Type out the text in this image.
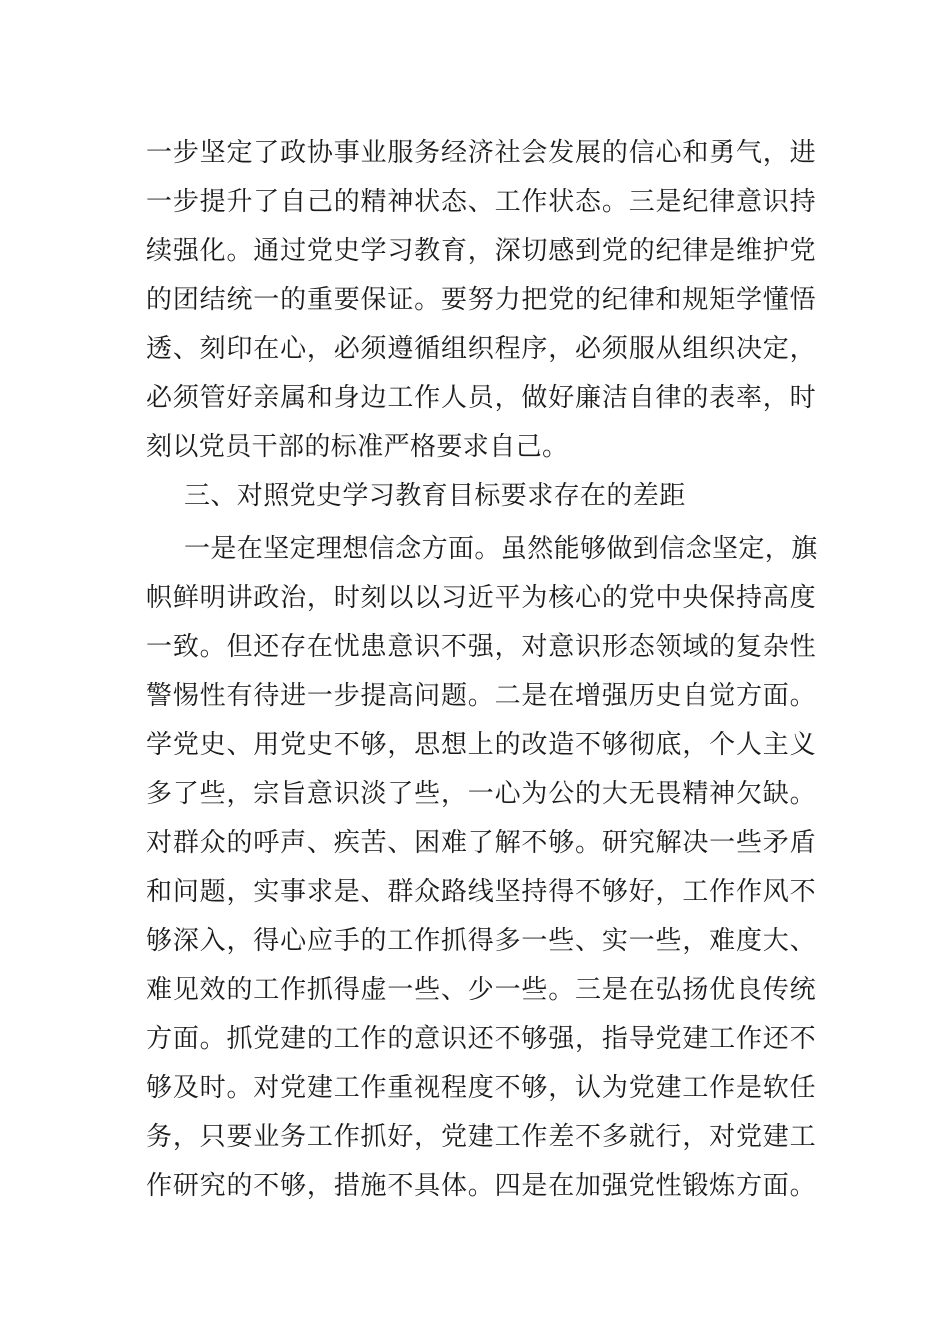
一步坚定了政协事业服务经济社会发展的信心和勇气，进
一步提升了自己的精神状态、工作状态。三是纪律意识持
续强化。通过党史学习教育，深切感到党的纪律是维护党
的团结统一的重要保证。要努力把党的纪律和规矩学懂悟
透、刻印在心，必须遵循组织程序，必须服从组织决定，
必须管好亲属和身边工作人员，做好廉洁自律的表率，时
刻以党员干部的标准严格要求自己。
三、对照党史学习教育目标要求存在的差距
一是在坚定理想信念方面。虽然能够做到信念坚定，旗
帜鲜明讲政治，时刻以以习近平为核心的党中央保持高度
一致。但还存在忧患意识不强，对意识形态领域的复杂性
警惕性有待进一步提高问题。二是在增强历史自觉方面。
学党史、用党史不够，思想上的改造不够彻底，个人主义
多了些，宗旨意识淡了些，一心为公的大无畏精神欠缺。
对群众的呼声、疾苦、困难了解不够。研究解决一些矛盾
和问题，实事求是、群众路线坚持得不够好，工作作风不
够深入，得心应手的工作抓得多一些、实一些，难度大、
难见效的工作抓得虚一些、少一些。三是在弘扬优良传统
方面。抓党建的工作的意识还不够强，指导党建工作还不
够及时。对党建工作重视程度不够，认为党建工作是软任
务，只要业务工作抓好，党建工作差不多就行，对党建工
作研究的不够，措施不具体。四是在加强党性锻炼方面。
